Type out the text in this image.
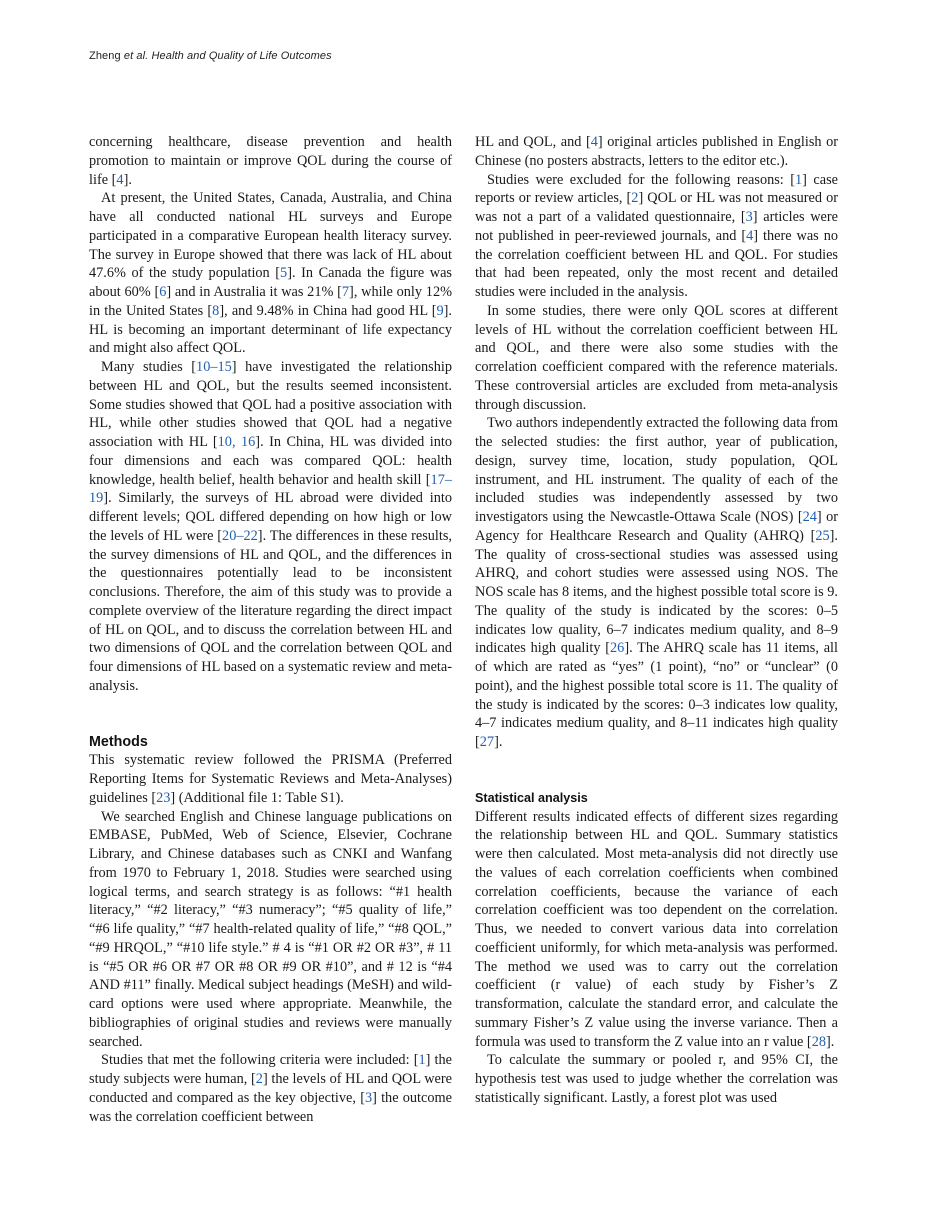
Zheng et al. Health and Quality of Life Outcomes

concerning healthcare, disease prevention and health promotion to maintain or improve QOL during the course of life [4].

At present, the United States, Canada, Australia, and China have all conducted national HL surveys and Europe participated in a comparative European health literacy survey. The survey in Europe showed that there was lack of HL about 47.6% of the study population [5]. In Canada the figure was about 60% [6] and in Australia it was 21% [7], while only 12% in the United States [8], and 9.48% in China had good HL [9]. HL is becoming an important determinant of life expectancy and might also affect QOL.

Many studies [10–15] have investigated the relationship between HL and QOL, but the results seemed inconsistent. Some studies showed that QOL had a positive association with HL, while other studies showed that QOL had a negative association with HL [10, 16]. In China, HL was divided into four dimensions and each was compared QOL: health knowledge, health belief, health behavior and health skill [17–19]. Similarly, the surveys of HL abroad were divided into different levels; QOL differed depending on how high or low the levels of HL were [20–22]. The differences in these results, the survey dimensions of HL and QOL, and the differences in the questionnaires potentially lead to be inconsistent conclusions. Therefore, the aim of this study was to provide a complete overview of the literature regarding the direct impact of HL on QOL, and to discuss the correlation between HL and two dimensions of QOL and the correlation between QOL and four dimensions of HL based on a systematic review and meta- analysis.

Methods

This systematic review followed the PRISMA (Preferred Reporting Items for Systematic Reviews and Meta-Analyses) guidelines [23] (Additional file 1: Table S1).

We searched English and Chinese language publications on EMBASE, PubMed, Web of Science, Elsevier, Cochrane Library, and Chinese databases such as CNKI and Wanfang from 1970 to February 1, 2018. Studies were searched using logical terms, and search strategy is as follows: “#1 health literacy,” “#2 literacy,” “#3 numeracy”; “#5 quality of life,” “#6 life quality,” “#7 health-related quality of life,” “#8 QOL,” “#9 HRQOL,” “#10 life style.” # 4 is “#1 OR #2 OR #3”, # 11 is “#5 OR #6 OR #7 OR #8 OR #9 OR #10”, and # 12 is “#4 AND #11” finally. Medical subject headings (MeSH) and wild-card options were used where appropriate. Meanwhile, the bibliographies of original studies and reviews were manually searched.

Studies that met the following criteria were included: [1] the study subjects were human, [2] the levels of HL and QOL were conducted and compared as the key objective, [3] the outcome was the correlation coefficient between

HL and QOL, and [4] original articles published in English or Chinese (no posters abstracts, letters to the editor etc.).

Studies were excluded for the following reasons: [1] case reports or review articles, [2] QOL or HL was not measured or was not a part of a validated questionnaire, [3] articles were not published in peer-reviewed journals, and [4] there was no the correlation coefficient between HL and QOL. For studies that had been repeated, only the most recent and detailed studies were included in the analysis.

In some studies, there were only QOL scores at different levels of HL without the correlation coefficient between HL and QOL, and there were also some studies with the correlation coefficient compared with the reference materials. These controversial articles are excluded from meta-analysis through discussion.

Two authors independently extracted the following data from the selected studies: the first author, year of publication, design, survey time, location, study population, QOL instrument, and HL instrument. The quality of each of the included studies was independently assessed by two investigators using the Newcastle-Ottawa Scale (NOS) [24] or Agency for Healthcare Research and Quality (AHRQ) [25]. The quality of cross-sectional studies was assessed using AHRQ, and cohort studies were assessed using NOS. The NOS scale has 8 items, and the highest possible total score is 9. The quality of the study is indicated by the scores: 0–5 indicates low quality, 6–7 indicates medium quality, and 8–9 indicates high quality [26]. The AHRQ scale has 11 items, all of which are rated as “yes” (1 point), “no” or “unclear” (0 point), and the highest possible total score is 11. The quality of the study is indicated by the scores: 0–3 indicates low quality, 4–7 indicates medium quality, and 8–11 indicates high quality [27].

Statistical analysis

Different results indicated effects of different sizes regarding the relationship between HL and QOL. Summary statistics were then calculated. Most meta-analysis did not directly use the values of each correlation coefficients when combined correlation coefficients, because the variance of each correlation coefficient was too dependent on the correlation. Thus, we needed to convert various data into correlation coefficient uniformly, for which meta-analysis was performed. The method we used was to carry out the correlation coefficient (r value) of each study by Fisher’s Z transformation, calculate the standard error, and calculate the summary Fisher’s Z value using the inverse variance. Then a formula was used to transform the Z value into an r value [28].

To calculate the summary or pooled r, and 95% CI, the hypothesis test was used to judge whether the correlation was statistically significant. Lastly, a forest plot was used
